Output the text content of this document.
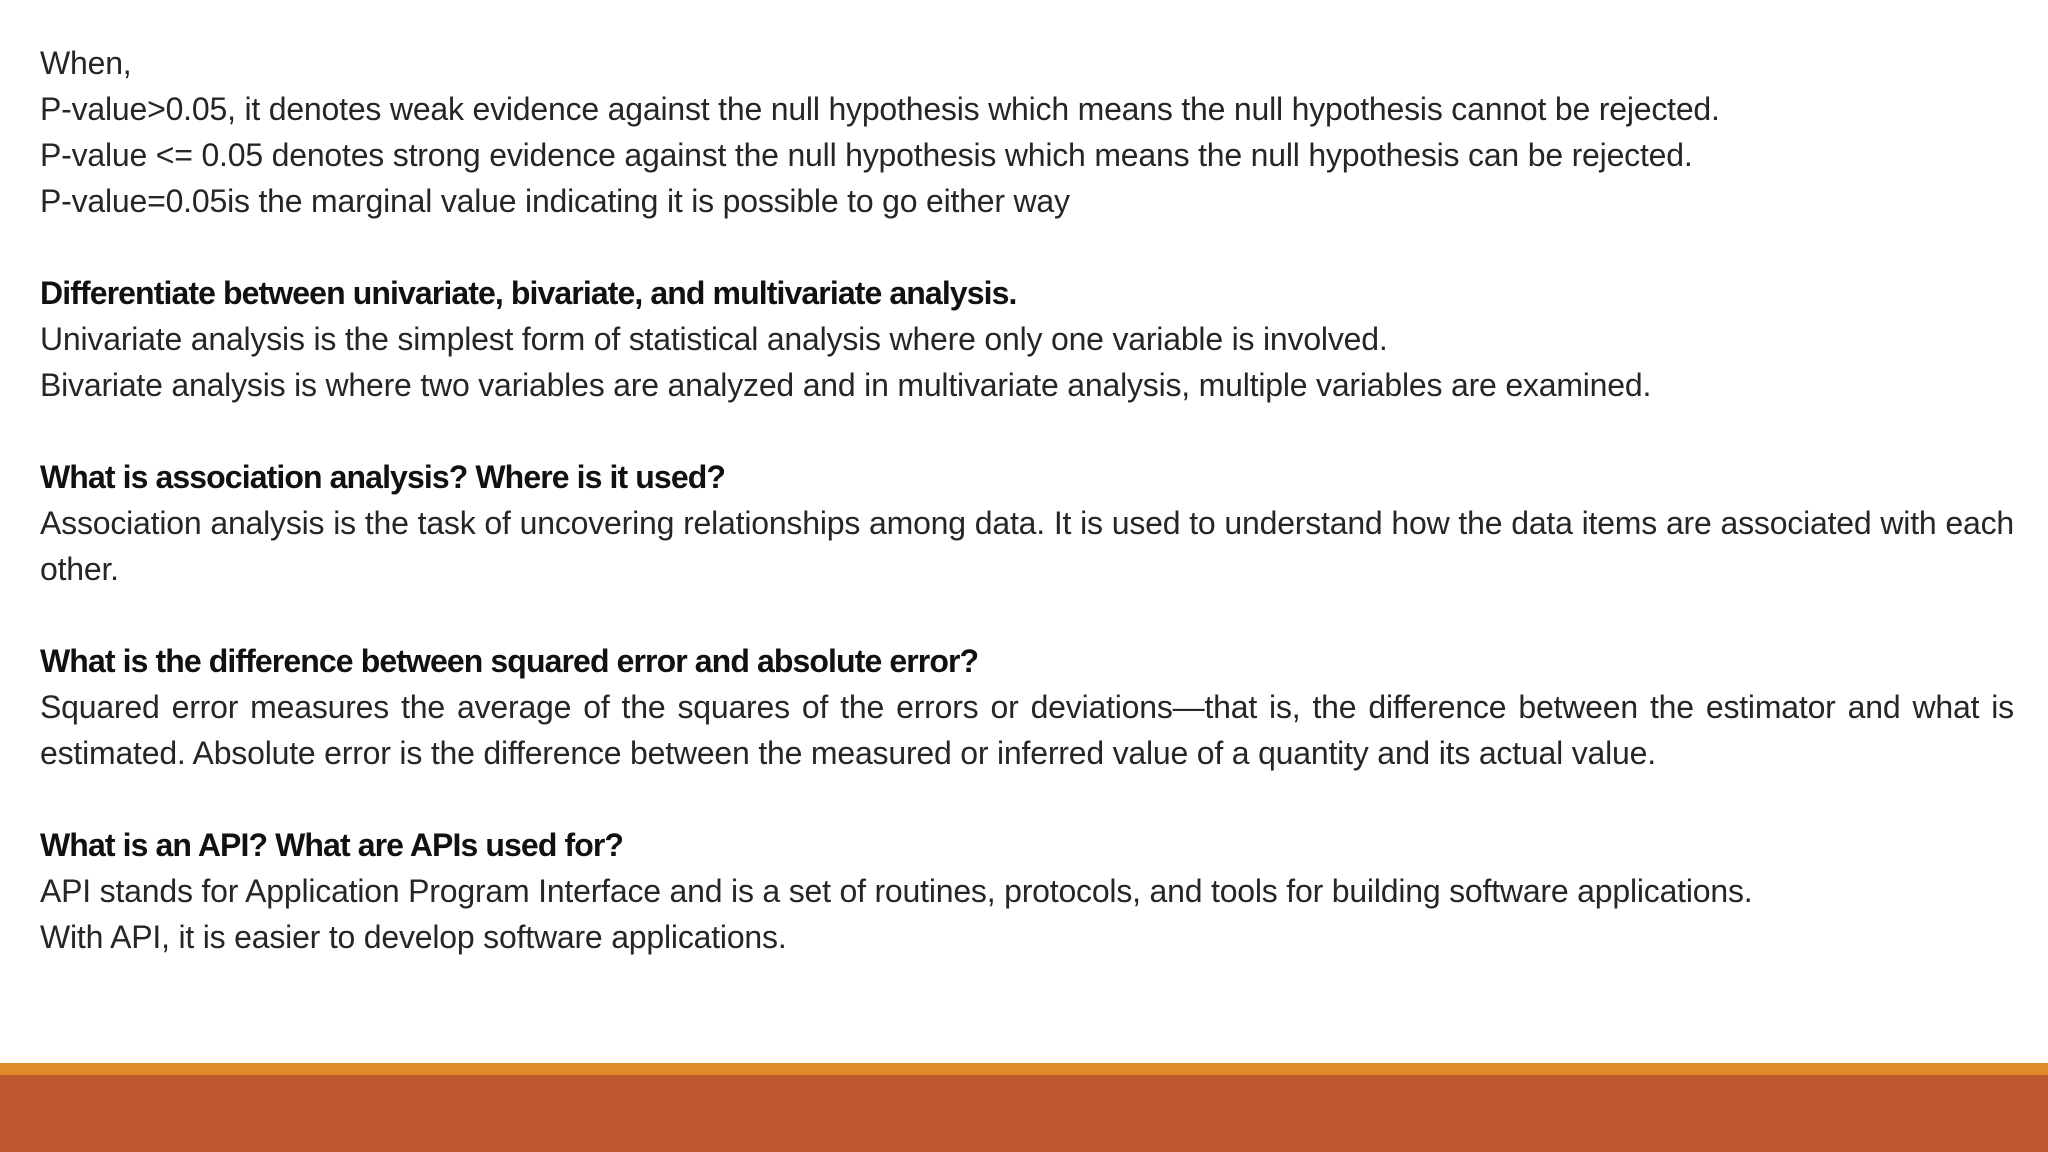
When,

P-value>0.05, it denotes weak evidence against the null hypothesis which means the null hypothesis cannot be rejected.

P-value <= 0.05 denotes strong evidence against the null hypothesis which means the null hypothesis can be rejected.

P-value=0.05is the marginal value indicating it is possible to go either way

Differentiate between univariate, bivariate, and multivariate analysis.

Univariate analysis is the simplest form of statistical analysis where only one variable is involved.

Bivariate analysis is where two variables are analyzed and in multivariate analysis, multiple variables are examined.

What is association analysis? Where is it used?

Association analysis is the task of uncovering relationships among data. It is used to understand how the data items are associated with each other.

What is the difference between squared error and absolute error?

Squared error measures the average of the squares of the errors or deviations—that is, the difference between the estimator and what is estimated. Absolute error is the difference between the measured or inferred value of a quantity and its actual value.

What is an API? What are APIs used for?

API stands for Application Program Interface and is a set of routines, protocols, and tools for building software applications.

With API, it is easier to develop software applications.
